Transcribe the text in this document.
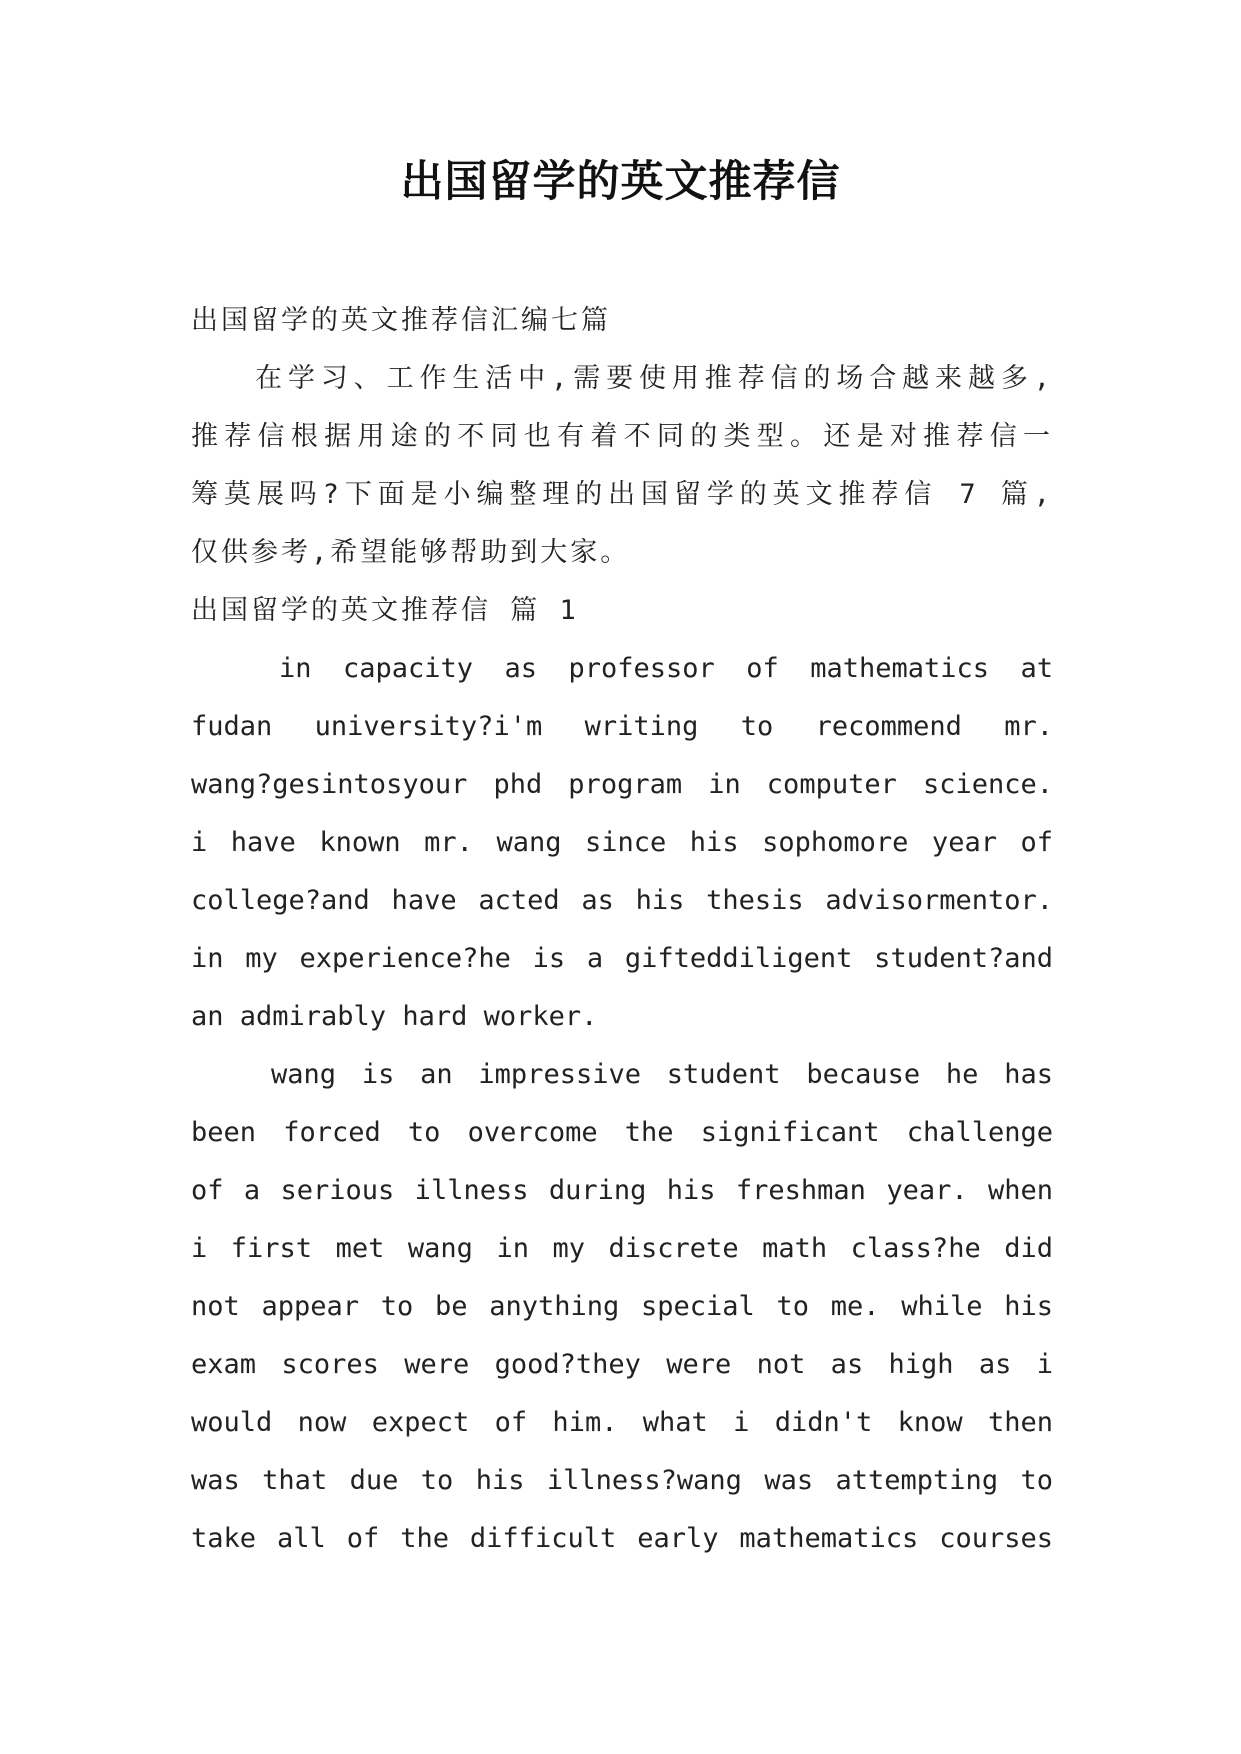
出国留学的英文推荐信
出国留学的英文推荐信汇编七篇
在学习、工作生活中,需要使用推荐信的场合越来越多,
推荐信根据用途的不同也有着不同的类型。还是对推荐信一
筹莫展吗?下面是小编整理的出国留学的英文推荐信 7 篇,
仅供参考,希望能够帮助到大家。
出国留学的英文推荐信 篇 1
in capacity as professor of mathematics at
fudan university?i'm writing to recommend mr.
wang?gesintosyour phd program in computer science.
i have known mr. wang since his sophomore year of
college?and have acted as his thesis advisormentor.
in my experience?he is a gifteddiligent student?and
an admirably hard worker.
wang is an impressive student because he has
been forced to overcome the significant challenge
of a serious illness during his freshman year. when
i first met wang in my discrete math class?he did
not appear to be anything special to me. while his
exam scores were good?they were not as high as i
would now expect of him. what i didn't know then
was that due to his illness?wang was attempting to
take all of the difficult early mathematics courses
